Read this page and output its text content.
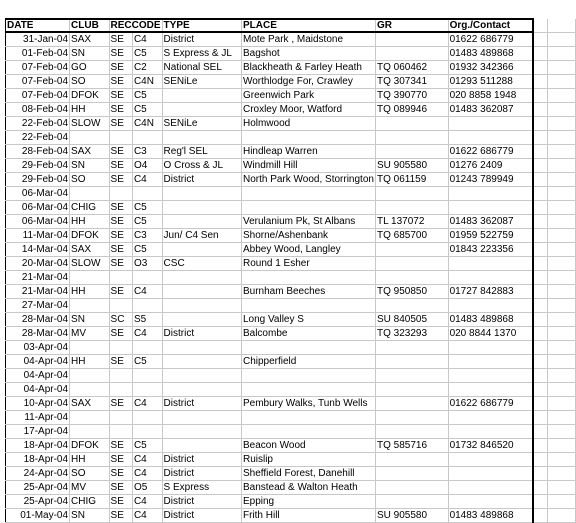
DATE	CLUB	RECCODE		TYPE	PLACE	GR	Org./Contact		
31-Jan-04	SAX	SE	C4	District	Mote Park , Maidstone		01622 686779		
01-Feb-04	SN	SE	C5	S Express & JL	Bagshot		01483 489868		
07-Feb-04	GO	SE	C2	National SEL	Blackheath & Farley Heath	TQ 060462	01932 342366		
07-Feb-04	SO	SE	C4N	SENiLe	Worthlodge For, Crawley	TQ 307341	01293 511288		
07-Feb-04	DFOK	SE	C5		Greenwich Park	TQ 390770	020 8858 1948		
08-Feb-04	HH	SE	C5		Croxley Moor, Watford	TQ 089946	01483 362087		
22-Feb-04	SLOW	SE	C4N	SENiLe	Holmwood				
22-Feb-04									
28-Feb-04	SAX	SE	C3	Reg'l SEL	Hindleap Warren		01622 686779		
29-Feb-04	SN	SE	O4	O Cross & JL	Windmill Hill	SU 905580	01276 2409		
29-Feb-04	SO	SE	C4	District	North Park Wood, Storrington	TQ 061159	01243 789949		
06-Mar-04									
06-Mar-04	CHIG	SE	C5						
06-Mar-04	HH	SE	C5		Verulanium Pk, St Albans	TL 137072	01483 362087		
11-Mar-04	DFOK	SE	C3	Jun/ C4 Sen	Shorne/Ashenbank	TQ 685700	01959 522759		
14-Mar-04	SAX	SE	C5		Abbey Wood, Langley		01843 223356		
20-Mar-04	SLOW	SE	O3	CSC	Round 1 Esher				
21-Mar-04									
21-Mar-04	HH	SE	C4		Burnham Beeches	TQ 950850	01727 842883		
27-Mar-04									
28-Mar-04	SN	SC	S5		Long Valley S	SU 840505	01483 489868		
28-Mar-04	MV	SE	C4	District	Balcombe	TQ 323293	020 8844 1370		
03-Apr-04									
04-Apr-04	HH	SE	C5		Chipperfield				
04-Apr-04									
04-Apr-04									
10-Apr-04	SAX	SE	C4	District	Pembury Walks, Tunb Wells		01622 686779		
11-Apr-04									
17-Apr-04									
18-Apr-04	DFOK	SE	C5		Beacon Wood	TQ 585716	01732 846520		
18-Apr-04	HH	SE	C4	District	Ruislip				
24-Apr-04	SO	SE	C4	District	Sheffield Forest, Danehill				
25-Apr-04	MV	SE	O5	S Express	Banstead & Walton Heath				
25-Apr-04	CHIG	SE	C4	District	Epping				
01-May-04	SN	SE	C4	District	Frith Hill	SU 905580	01483 489868		
